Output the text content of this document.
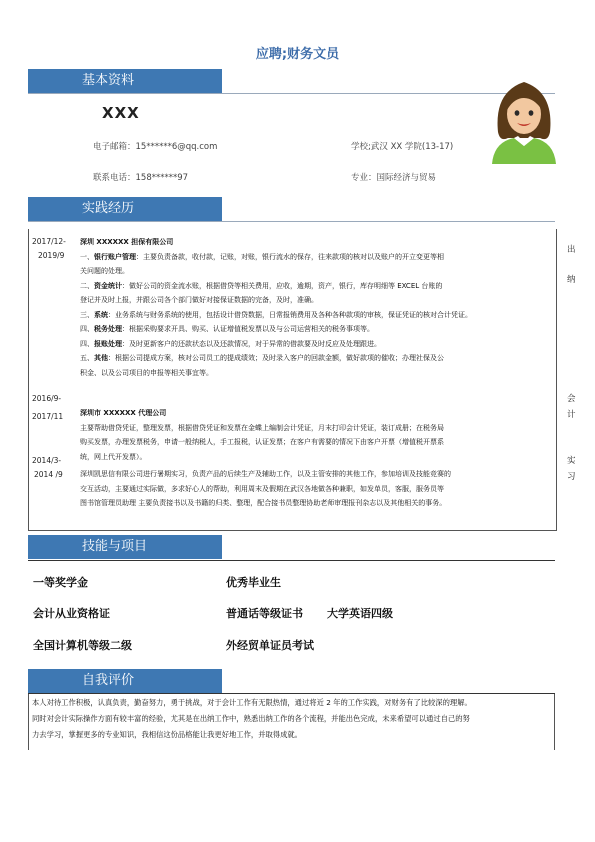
应聘;财务文员
基本资料
XXX
电子邮箱：15******6@qq.com
联系电话：158******97
学校;武汉 XX 学院(13-17)
专业：国际经济与贸易
实践经历
2017/12-
2019/9
出
纳
深圳 XXXXXX 担保有限公司
一、银行账户管理：主要负责备款，收付款，记账，对账，银行流水的保存，往来款项的核对以及账户的开立变更等相
关问题的处理。
二、资金统计：做好公司的资金流水账，根据借贷等相关费用，应收，逾期，资产，银行，库存明细等 EXCEL 台账的
登记并及时上报，并跟公司各个部门做好对接保证数据的完备，及时，准确。
三、系统：业务系统与财务系统的使用，包括设计借贷数据，日常报销费用及各种各种款项的审核，保证凭证的核对合计凭证。
四、税务处理：根据采购要求开具、购买、认证增值税发票以及与公司运营相关的税务事项等。
四、报账处理：及时更新客户的还款状态以及还款情况，对于异常的借款要及时反应及处理跟进。
五、其他：根据公司提成方案，核对公司员工的提成绩效；及时录入客户的回款金额，做好款项的催收；办理社保及公
积金、以及公司项目的申报等相关事宜等。
2016/9-
2017/11
会
计
深圳市 XXXXXX 代理公司
主要帮助借贷凭证，整理发票，根据借贷凭证和发票在金蝶上编制会计凭证，月末打印会计凭证，装订成册；在税务局
购买发票，办理发票税务，申请一般纳税人，手工报税，认证发票；在客户有需要的情况下由客户开票（增值税开票系
统，网上代开发票）。
2014/3-
2014 /9
实
习
深圳凯思信有限公司进行暑期实习，负责产品的后续生产及辅助工作，以及主管安排的其他工作，参加培训及技能竞赛的
交互活动，主要通过实际做，多求好心人的帮助，利用周末及假期在武汉各地做各种兼职，如发单员，客服，服务员等
图书馆管理员助理 主要负责接书以及书籍的归类、整理，配合接书员整理协助老师审理报刊杂志以及其他相关的事务。
技能与项目
一等奖学金	优秀毕业生
会计从业资格证	普通话等级证书 大学英语四级
全国计算机等级二级	外经贸单证员考试
自我评价
本人对待工作积极，认真负责，勤奋努力，勇于挑战，对于会计工作有无限热情，通过将近 2 年的工作实践，对财务有了比较深的理解。
同时对会计实际操作方面有较丰富的经验，尤其是在出纳工作中，熟悉出纳工作的各个流程，并能出色完成，未来希望可以通过自己的努
力去学习，掌握更多的专业知识，我相信这份品格能让我更好地工作，并取得成就。
